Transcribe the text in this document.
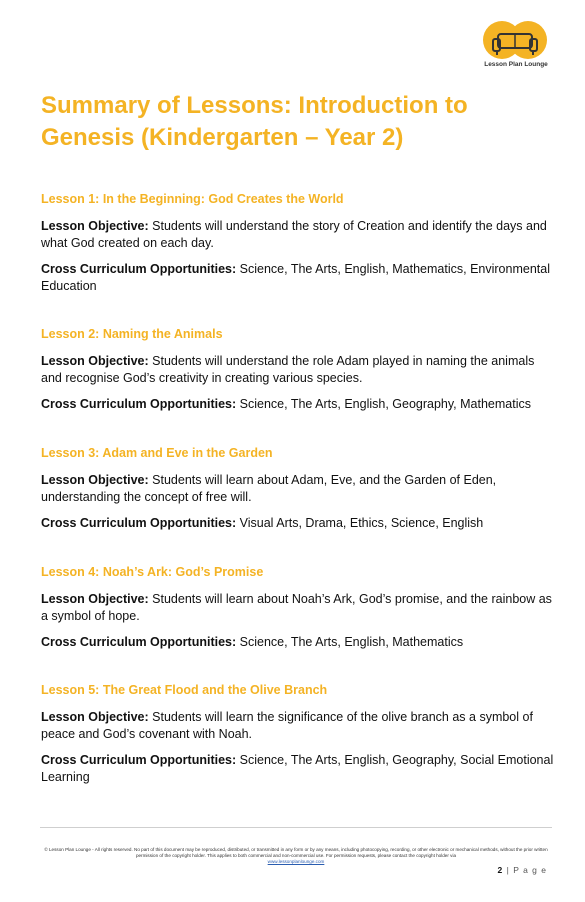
Lesson Plan Lounge
Summary of Lessons: Introduction to Genesis (Kindergarten – Year 2)
Lesson 1: In the Beginning: God Creates the World
Lesson Objective: Students will understand the story of Creation and identify the days and what God created on each day.
Cross Curriculum Opportunities: Science, The Arts, English, Mathematics, Environmental Education
Lesson 2: Naming the Animals
Lesson Objective: Students will understand the role Adam played in naming the animals and recognise God’s creativity in creating various species.
Cross Curriculum Opportunities: Science, The Arts, English, Geography, Mathematics
Lesson 3: Adam and Eve in the Garden
Lesson Objective: Students will learn about Adam, Eve, and the Garden of Eden, understanding the concept of free will.
Cross Curriculum Opportunities: Visual Arts, Drama, Ethics, Science, English
Lesson 4: Noah’s Ark: God’s Promise
Lesson Objective: Students will learn about Noah’s Ark, God’s promise, and the rainbow as a symbol of hope.
Cross Curriculum Opportunities: Science, The Arts, English, Mathematics
Lesson 5: The Great Flood and the Olive Branch
Lesson Objective: Students will learn the significance of the olive branch as a symbol of peace and God’s covenant with Noah.
Cross Curriculum Opportunities: Science, The Arts, English, Geography, Social Emotional Learning
© Lesson Plan Lounge - All rights reserved. No part of this document may be reproduced, distributed, or transmitted in any form or by any means, including photocopying, recording, or other electronic or mechanical methods, without the prior written permission of the copyright holder. This applies to both commercial and non-commercial use. For permission requests, please contact the copyright holder via
www.lessonplanlounge.com
2 | P a g e
